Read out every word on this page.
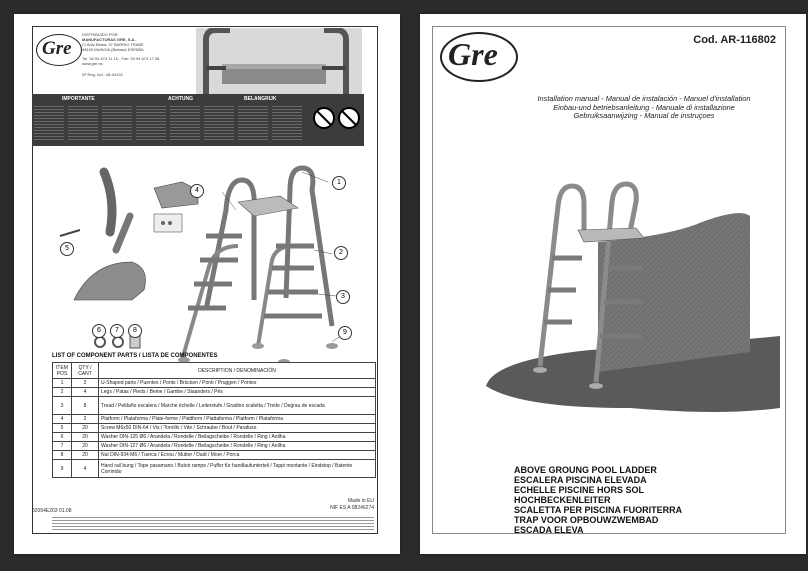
Gre
DISTRIBUIDO POR:
MANUFACTURAS GRE, S.A.
C/ Aritz Bidea, 57 BARRIO TRABE
48100 MUNGIA (Bizkaia) ESPAÑA
Tel. 34 94 674 11 16 - Fax: 34 94 674 17 08
www.gre.es
Nº Reg. Ind.: 48-04192
IMPORTANTE	ACHTUNG	BELANGRIJK
1
2
3
4
5
6	7	8	9
LIST OF COMPONENT PARTS / LISTA DE COMPONENTES
ITEM POS	QTY / CANT	DESCRIPTION / DENOMINACIÓN
1	2	U-Shaped parts / Puentes / Ponts / Brücken / Ponti / Pruggen / Pontes
2	4	Legs / Patas / Pieds / Beine / Gambe / Staanders / Pés
3	8	Tread / Peldaño escalera / Marche échelle / Leiterstufe / Gradino scaletta / Trede / Degrau de escada
4	2	Platform / Plataforma / Plate-forme / Plattform / Piattaforma / Platform / Plataforma
5	20	Screw M6x50 DIN-64 / Vis / Tornillo / Vite / Schraube / Bout / Parafuso
6	20	Washer DIN-125 Ø6 / Arandela / Rondelle / Beilagscheibe / Rondelle / Ring / Anilha
7	20	Washer DIN-127 Ø6 / Arandela / Rondelle / Beilagscheibe / Rondelle / Ring / Anilha
8	20	Nut DIN-934 M6 / Tuerca / Ecrou / Mutter / Dadi / Moer / Porca
9	4	Hand rail bung / Tope pasamano / Butoir rampe / Puffer für handlaufunterteil / Tappi montante / Eindstop / Batente Corrimão
32054E203 01.08
Made in EU
NIF ES A 08246274
Gre	Cod. AR-116802
Installation manual - Manual de instalación - Manuel d'installation
Einbau-und betriebsanleitung - Manuale di installazione
Gebruiksaanwijzing - Manual de instruçoes
ABOVE GROUNG POOL LADDER
ESCALERA PISCINA ELEVADA
ECHELLE PISCINE HORS SOL
HOCHBECKENLEITER
SCALETTA PER PISCINA FUORITERRA
TRAP VOOR OPBOUWZWEMBAD
ESCADA ELEVA
